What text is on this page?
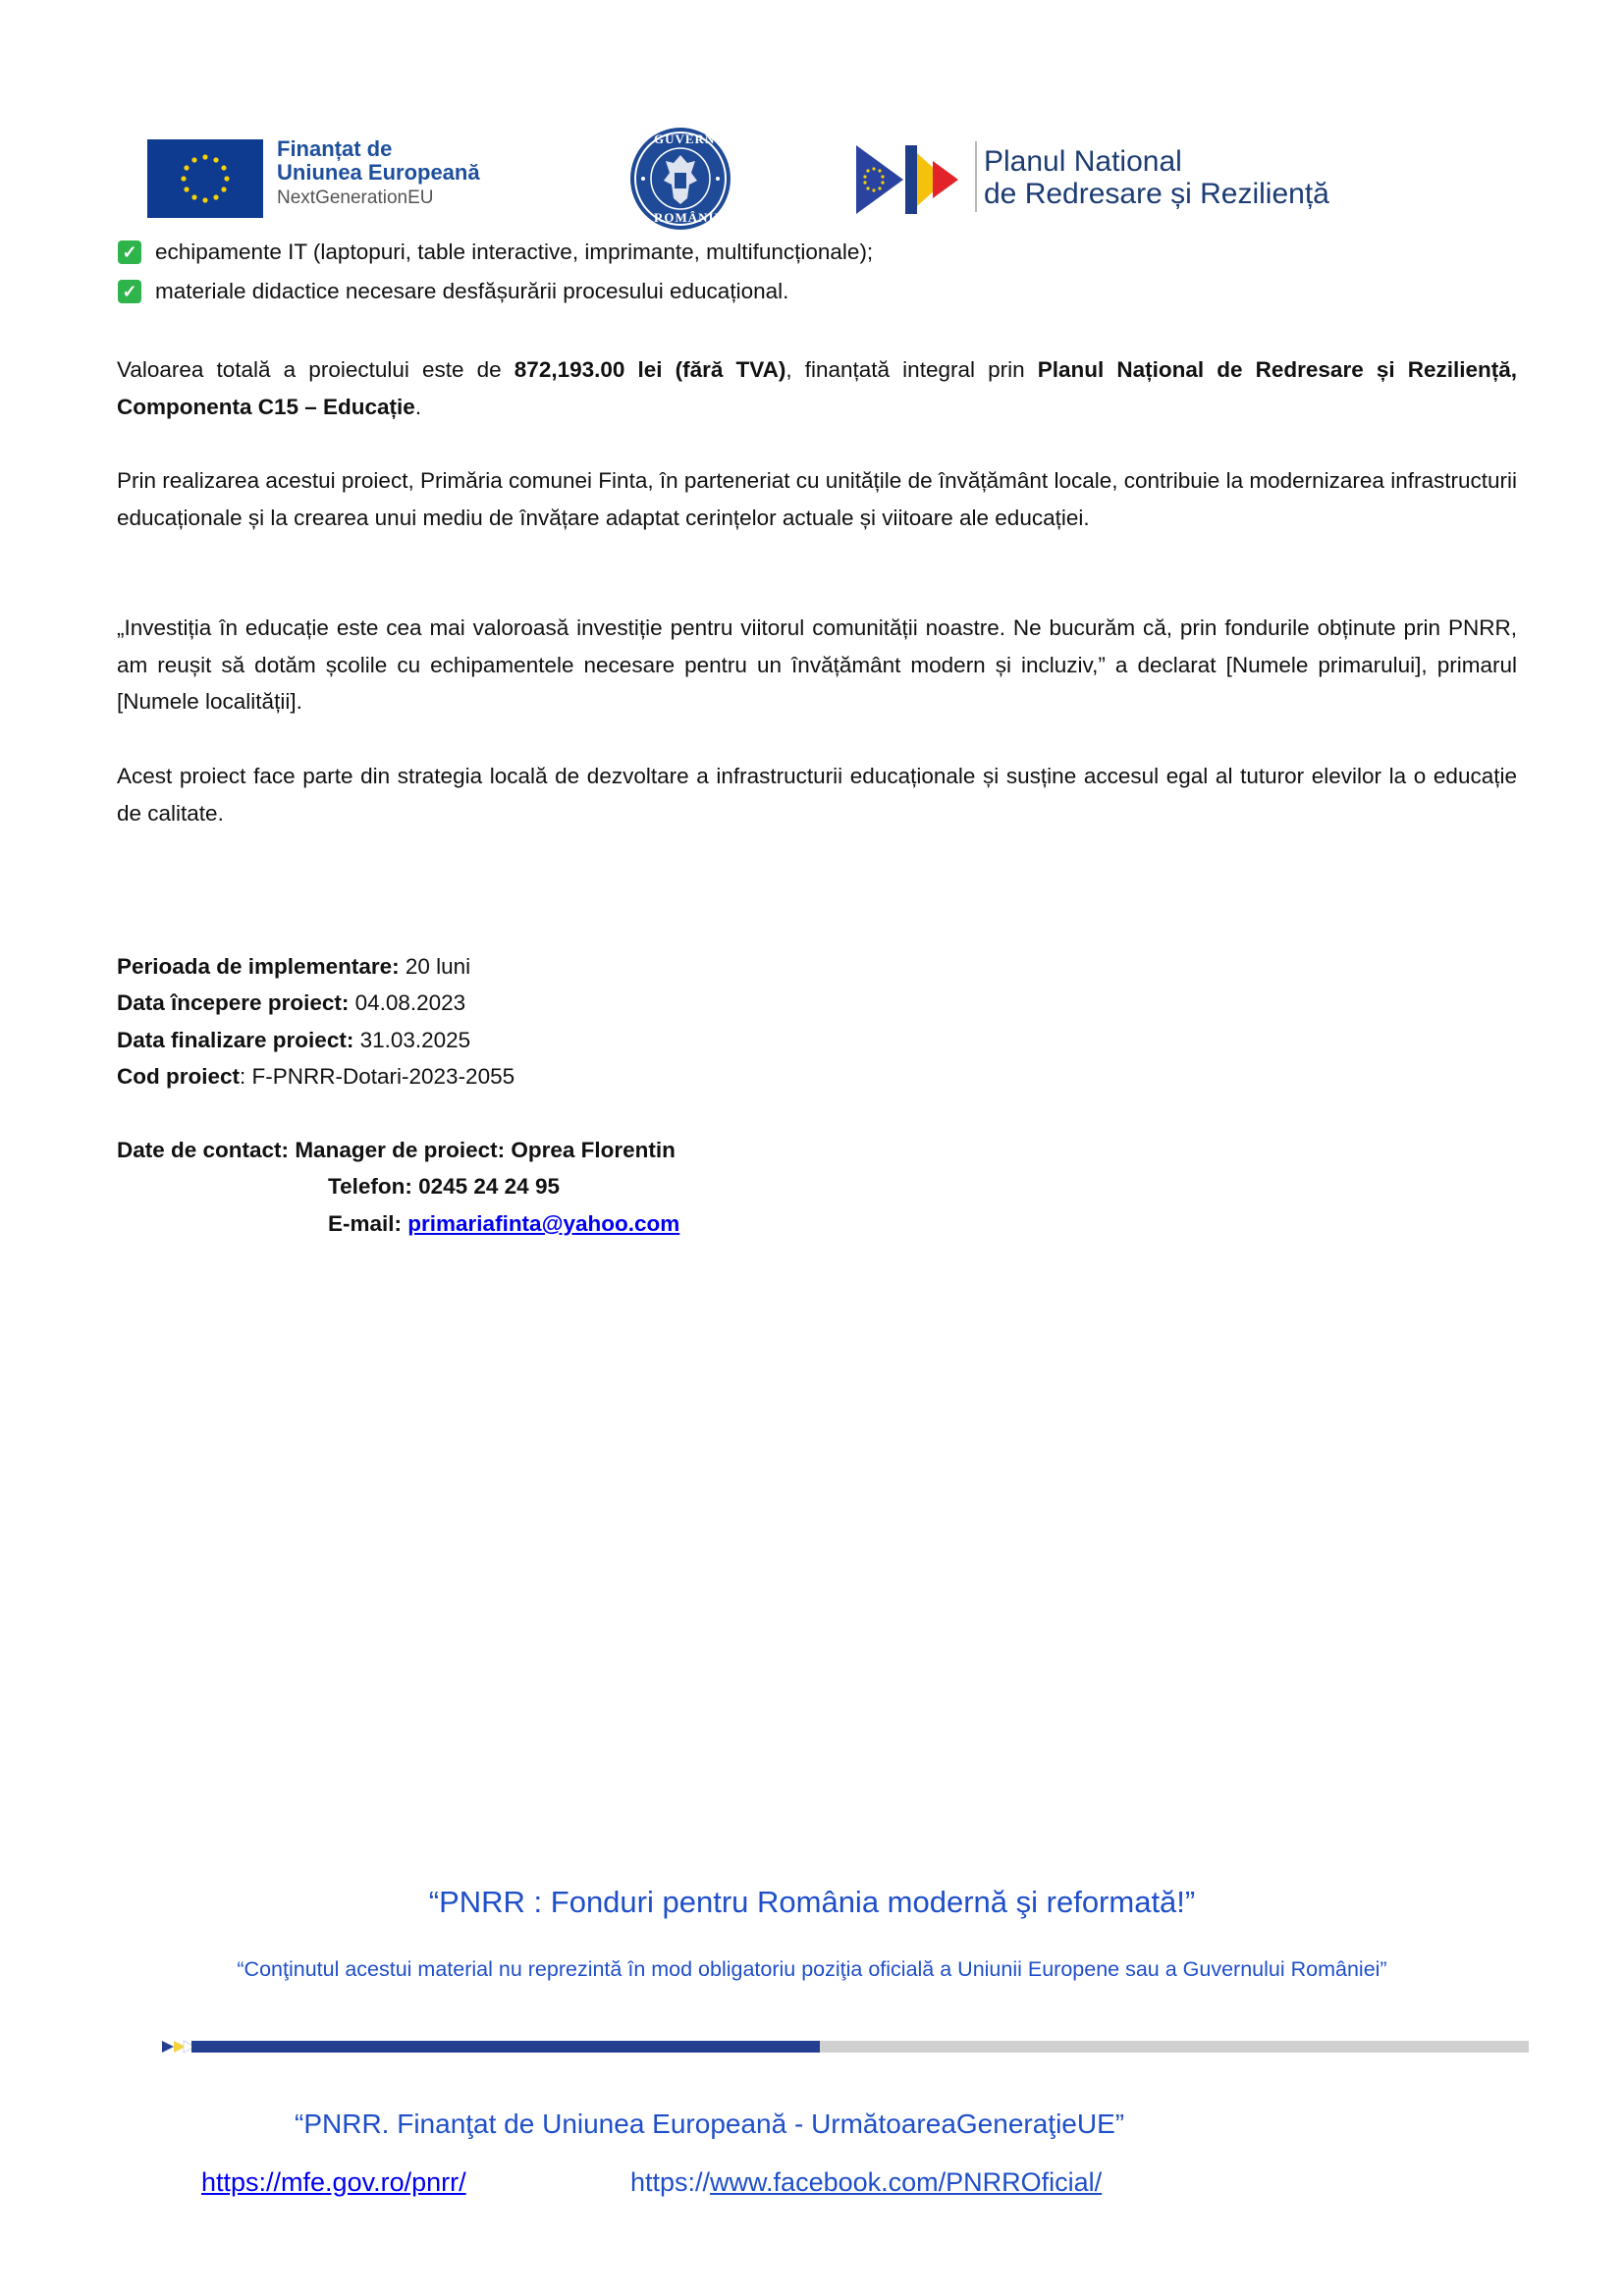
Finanțat de
Uniunea Europeană
NextGenerationEU
GUVERNUL
ROMÂNIEI
Planul National
de Redresare și Reziliență
✓ echipamente IT (laptopuri, table interactive, imprimante, multifuncționale);
✓ materiale didactice necesare desfășurării procesului educațional.
Valoarea totală a proiectului este de 872,193.00 lei (fără TVA), finanțată integral prin Planul Național de Redresare și Reziliență, Componenta C15 – Educație.
Prin realizarea acestui proiect, Primăria comunei Finta, în parteneriat cu unitățile de învățământ locale, contribuie la modernizarea infrastructurii educaționale și la crearea unui mediu de învățare adaptat cerințelor actuale și viitoare ale educației.
„Investiția în educație este cea mai valoroasă investiție pentru viitorul comunității noastre. Ne bucurăm că, prin fondurile obținute prin PNRR, am reușit să dotăm școlile cu echipamentele necesare pentru un învățământ modern și incluziv,” a declarat [Numele primarului], primarul [Numele localității].
Acest proiect face parte din strategia locală de dezvoltare a infrastructurii educaționale și susține accesul egal al tuturor elevilor la o educație de calitate.
Perioada de implementare: 20 luni
Data începere proiect: 04.08.2023
Data finalizare proiect: 31.03.2025
Cod proiect: F-PNRR-Dotari-2023-2055
Date de contact: Manager de proiect: Oprea Florentin
Telefon: 0245 24 24 95
E-mail: primariafinta@yahoo.com
“PNRR : Fonduri pentru România modernă şi reformată!”
“Conţinutul acestui material nu reprezintă în mod obligatoriu poziţia oficială a Uniunii Europene sau a Guvernului României”
“PNRR. Finanţat de Uniunea Europeană - UrmătoareaGeneraţieUE”
https://mfe.gov.ro/pnrr/	https://www.facebook.com/PNRROficial/
